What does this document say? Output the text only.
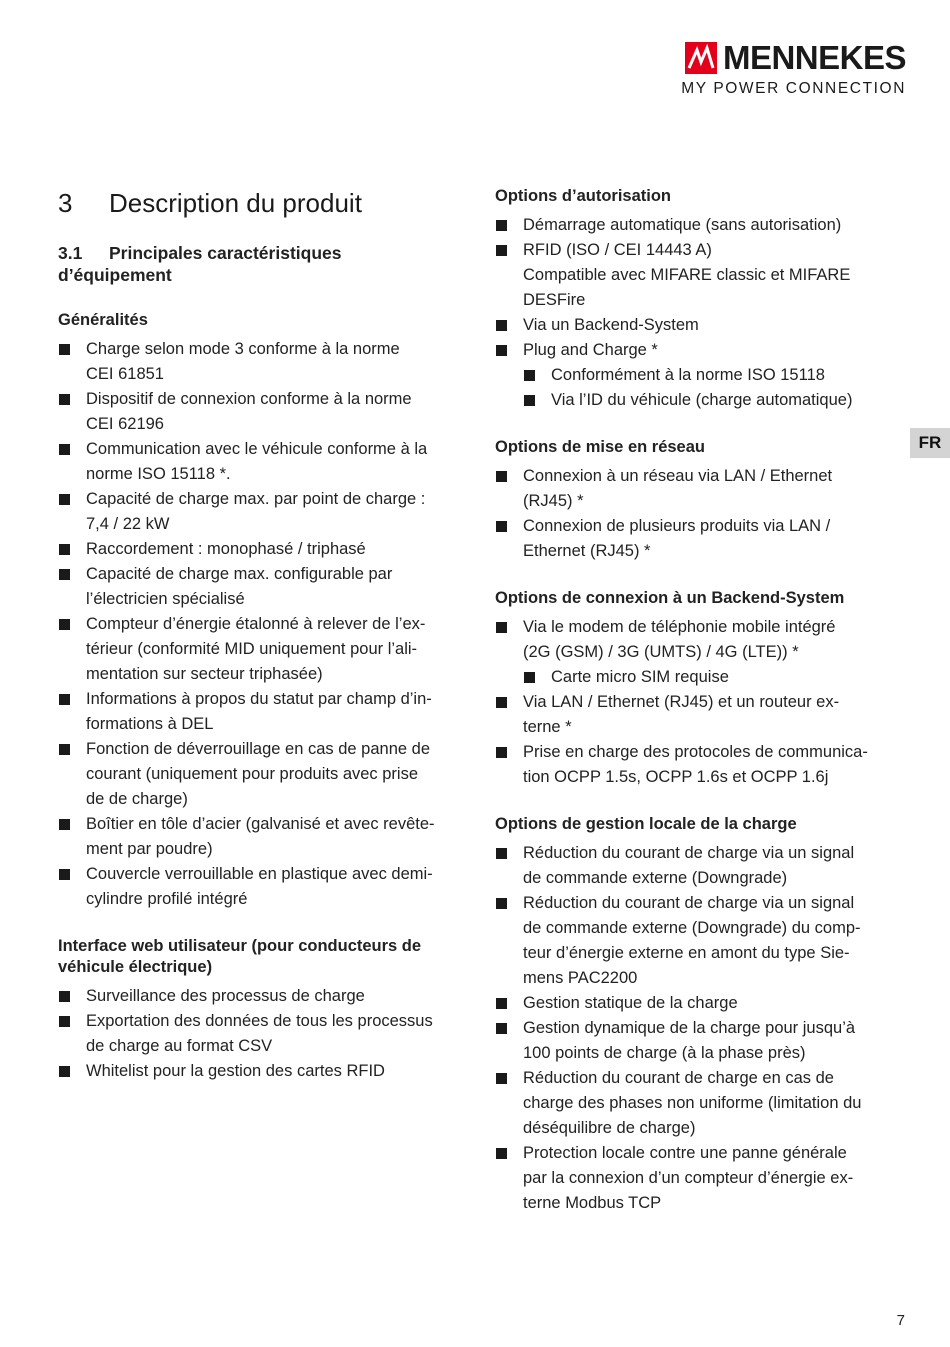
MENNEKES
MY POWER CONNECTION
FR
3	Description du produit
3.1 Principales caractéristiques
d’équipement
Généralités
Charge selon mode 3 conforme à la norme
CEI 61851
Dispositif de connexion conforme à la norme
CEI 62196
Communication avec le véhicule conforme à la
norme ISO 15118 *.
Capacité de charge max. par point de charge :
7,4 / 22 kW
Raccordement : monophasé / triphasé
Capacité de charge max. configurable par
l’électricien spécialisé
Compteur d’énergie étalonné à relever de l’ex-
térieur (conformité MID uniquement pour l’ali-
mentation sur secteur triphasée)
Informations à propos du statut par champ d’in-
formations à DEL
Fonction de déverrouillage en cas de panne de
courant (uniquement pour produits avec prise
de de charge)
Boîtier en tôle d’acier (galvanisé et avec revête-
ment par poudre)
Couvercle verrouillable en plastique avec demi-
cylindre profilé intégré
Interface web utilisateur (pour conducteurs de
véhicule électrique)
Surveillance des processus de charge
Exportation des données de tous les processus
de charge au format CSV
Whitelist pour la gestion des cartes RFID
Options d’autorisation
Démarrage automatique (sans autorisation)
RFID (ISO / CEI 14443 A)
Compatible avec MIFARE classic et MIFARE
DESFire
Via un Backend-System
Plug and Charge *
Conformément à la norme ISO 15118
Via l’ID du véhicule (charge automatique)
Options de mise en réseau
Connexion à un réseau via LAN / Ethernet
(RJ45) *
Connexion de plusieurs produits via LAN /
Ethernet (RJ45) *
Options de connexion à un Backend-System
Via le modem de téléphonie mobile intégré
(2G (GSM) / 3G (UMTS) / 4G (LTE)) *
Carte micro SIM requise
Via LAN / Ethernet (RJ45) et un routeur ex-
terne *
Prise en charge des protocoles de communica-
tion OCPP 1.5s, OCPP 1.6s et OCPP 1.6j
Options de gestion locale de la charge
Réduction du courant de charge via un signal
de commande externe (Downgrade)
Réduction du courant de charge via un signal
de commande externe (Downgrade) du comp-
teur d’énergie externe en amont du type Sie-
mens PAC2200
Gestion statique de la charge
Gestion dynamique de la charge pour jusqu’à
100 points de charge (à la phase près)
Réduction du courant de charge en cas de
charge des phases non uniforme (limitation du
déséquilibre de charge)
Protection locale contre une panne générale
par la connexion d’un compteur d’énergie ex-
terne Modbus TCP
7
